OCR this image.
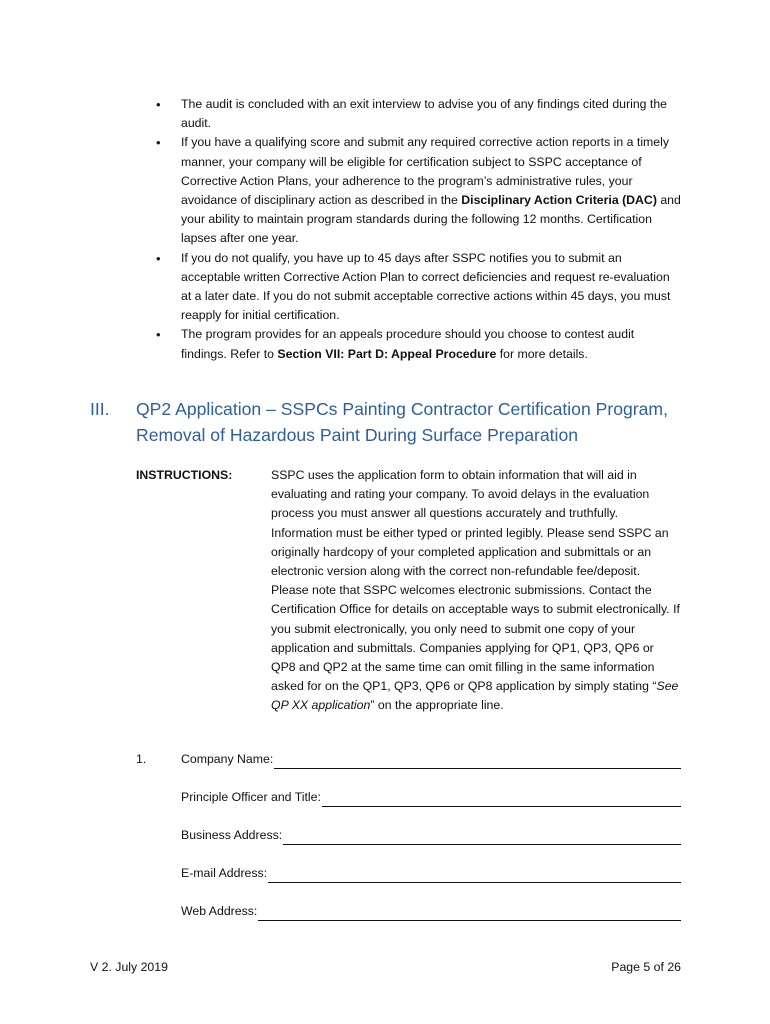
• The audit is concluded with an exit interview to advise you of any findings cited during the audit.
• If you have a qualifying score and submit any required corrective action reports in a timely manner, your company will be eligible for certification subject to SSPC acceptance of Corrective Action Plans, your adherence to the program’s administrative rules, your avoidance of disciplinary action as described in the Disciplinary Action Criteria (DAC) and your ability to maintain program standards during the following 12 months. Certification lapses after one year.
• If you do not qualify, you have up to 45 days after SSPC notifies you to submit an acceptable written Corrective Action Plan to correct deficiencies and request re-evaluation at a later date. If you do not submit acceptable corrective actions within 45 days, you must reapply for initial certification.
• The program provides for an appeals procedure should you choose to contest audit findings. Refer to Section VII: Part D: Appeal Procedure for more details.
III. QP2 Application – SSPCs Painting Contractor Certification Program, Removal of Hazardous Paint During Surface Preparation
INSTRUCTIONS:	SSPC uses the application form to obtain information that will aid in evaluating and rating your company. To avoid delays in the evaluation process you must answer all questions accurately and truthfully. Information must be either typed or printed legibly. Please send SSPC an originally hardcopy of your completed application and submittals or an electronic version along with the correct non-refundable fee/deposit. Please note that SSPC welcomes electronic submissions. Contact the Certification Office for details on acceptable ways to submit electronically. If you submit electronically, you only need to submit one copy of your application and submittals. Companies applying for QP1, QP3, QP6 or QP8 and QP2 at the same time can omit filling in the same information asked for on the QP1, QP3, QP6 or QP8 application by simply stating “See QP XX application” on the appropriate line.

1.	Company Name:
Principle Officer and Title:
Business Address:
E-mail Address:
Web Address:
V 2. July 2019	Page 5 of 26
